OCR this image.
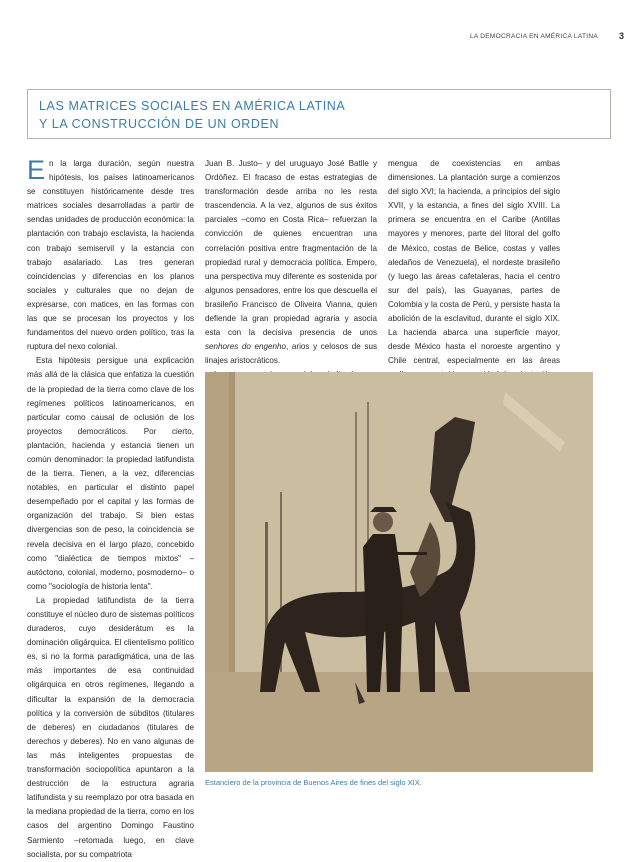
LA DEMOCRACIA EN AMÉRICA LATINA 3
LAS MATRICES SOCIALES EN AMÉRICA LATINA
Y LA CONSTRUCCIÓN DE UN ORDEN

En la larga duración, según nuestra hipótesis, los países latinoamericanos se constituyen históricamente desde tres matrices sociales desarrolladas a partir de sendas unidades de producción económica: la plantación con trabajo esclavista, la hacienda con trabajo semiservil y la estancia con trabajo asalariado. Las tres generan coincidencias y diferencias en los planos sociales y culturales que no dejan de expresarse, con matices, en las formas con las que se procesan los proyectos y los fundamentos del nuevo orden político, tras la ruptura del nexo colonial.

Esta hipótesis persigue una explicación más allá de la clásica que enfatiza la cuestión de la propiedad de la tierra como clave de los regímenes políticos latinoamericanos, en particular como causal de oclusión de los proyectos democráticos. Por cierto, plantación, hacienda y estancia tienen un común denominador: la propiedad latifundista de la tierra. Tienen, a la vez, diferencias notables, en particular el distinto papel desempeñado por el capital y las formas de organización del trabajo. Si bien estas divergencias son de peso, la coincidencia se revela decisiva en el largo plazo, concebido como "dialéctica de tiempos mixtos" –autóctono, colonial, moderno, posmoderno– o como "sociología de historia lenta".

La propiedad latifundista de la tierra constituye el núcleo duro de sistemas políticos duraderos, cuyo desiderátum es la dominación oligárquica. El clientelismo político es, si no la forma paradigmática, una de las más importantes de esa continuidad oligárquica en otros regímenes, llegando a dificultar la expansión de la democracia política y la conversión de súbditos (titulares de deberes) en ciudadanos (titulares de derechos y deberes). No en vano algunas de las más inteligentes propuestas de transformación sociopolítica apuntaron a la destrucción de la estructura agraria latifundista y su reemplazo por otra basada en la mediana propiedad de la tierra, como en los casos del argentino Domingo Faustino Sarmiento –retomada luego, en clave socialista, por su compatriota

Juan B. Justo– y del uruguayo José Batlle y Ordóñez. El fracaso de estas estrategias de transformación desde arriba no les resta trascendencia. A la vez, algunos de sus éxitos parciales –como en Costa Rica– refuerzan la convicción de quienes encuentran una correlación positiva entre fragmentación de la propiedad rural y democracia política. Empero, una perspectiva muy diferente es sostenida por algunos pensadores, entre los que descuella el brasileño Francisco de Oliveira Vianna, quien defiende la gran propiedad agraria y asocia esta con la decisiva presencia de unos senhores do engenho, arios y celosos de sus linajes aristocráticos.

mengua de coexistencias en ambas dimensiones. La plantación surge a comienzos del siglo XVI; la hacienda, a principios del siglo XVII, y la estancia, a fines del siglo XVIII. La primera se encuentra en el Caribe (Antillas mayores y menores, parte del litoral del golfo de México, costas de Belice, costas y valles aledaños de Venezuela), el nordeste brasileño (y luego las áreas cafetaleras, hacia el centro sur del país), las Guayanas, partes de Colombia y la costa de Perú, y persiste hasta la abolición de la esclavitud, durante el siglo XIX. La hacienda abarca una superficie mayor, desde México hasta el noroeste argentino y Chile central, especialmente en las áreas

Estanciero de la provincia de Buenos Aires de fines del siglo XIX.
